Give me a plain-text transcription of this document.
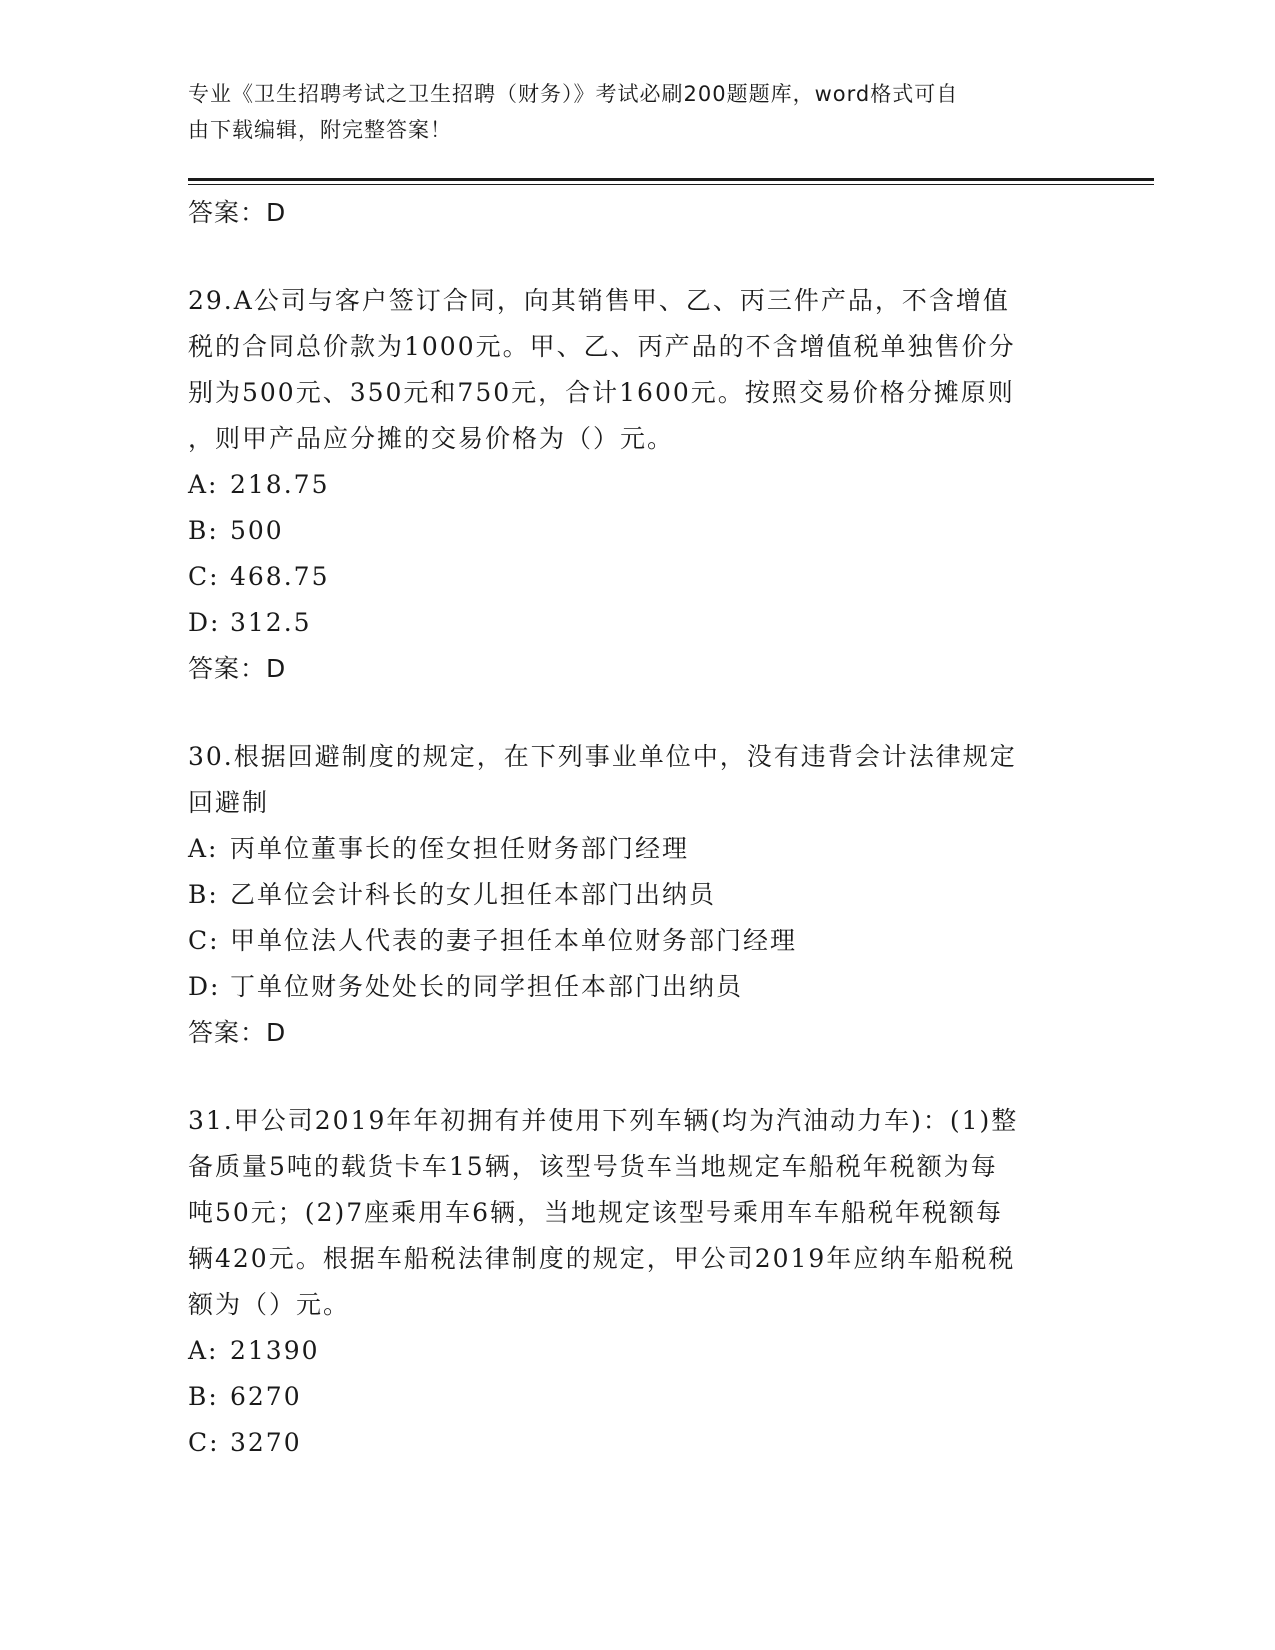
专业《卫生招聘考试之卫生招聘（财务）》考试必刷200题题库，word格式可自
由下载编辑，附完整答案！
答案：D
29.A公司与客户签订合同，向其销售甲、乙、丙三件产品，不含增值
税的合同总价款为1000元。甲、乙、丙产品的不含增值税单独售价分
别为500元、350元和750元，合计1600元。按照交易价格分摊原则
，则甲产品应分摊的交易价格为（）元。
A: 218.75
B: 500
C: 468.75
D: 312.5
答案：D
30.根据回避制度的规定，在下列事业单位中，没有违背会计法律规定
回避制
A: 丙单位董事长的侄女担任财务部门经理
B: 乙单位会计科长的女儿担任本部门出纳员
C: 甲单位法人代表的妻子担任本单位财务部门经理
D: 丁单位财务处处长的同学担任本部门出纳员
答案：D
31.甲公司2019年年初拥有并使用下列车辆(均为汽油动力车)：(1)整
备质量5吨的载货卡车15辆，该型号货车当地规定车船税年税额为每
吨50元；(2)7座乘用车6辆，当地规定该型号乘用车车船税年税额每
辆420元。根据车船税法律制度的规定，甲公司2019年应纳车船税税
额为（）元。
A: 21390
B: 6270
C: 3270
